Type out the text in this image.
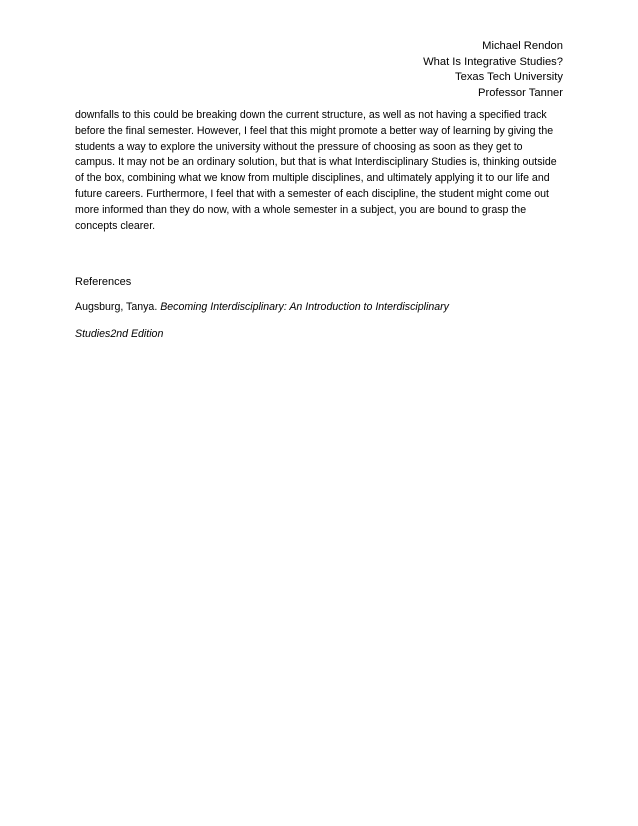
Michael Rendon
What Is Integrative Studies?
Texas Tech University
Professor Tanner

downfalls to this could be breaking down the current structure, as well as not having a specified track
before the final semester. However, I feel that this might promote a better way of learning by giving the
students a way to explore the university without the pressure of choosing as soon as they get to
campus. It may not be an ordinary solution, but that is what Interdisciplinary Studies is, thinking outside
of the box, combining what we know from multiple disciplines, and ultimately applying it to our life and
future careers. Furthermore, I feel that with a semester of each discipline, the student might come out
more informed than they do now, with a whole semester in a subject, you are bound to grasp the
concepts clearer.

References
Augsburg, Tanya. Becoming Interdisciplinary: An Introduction to Interdisciplinary
Studies2nd Edition
